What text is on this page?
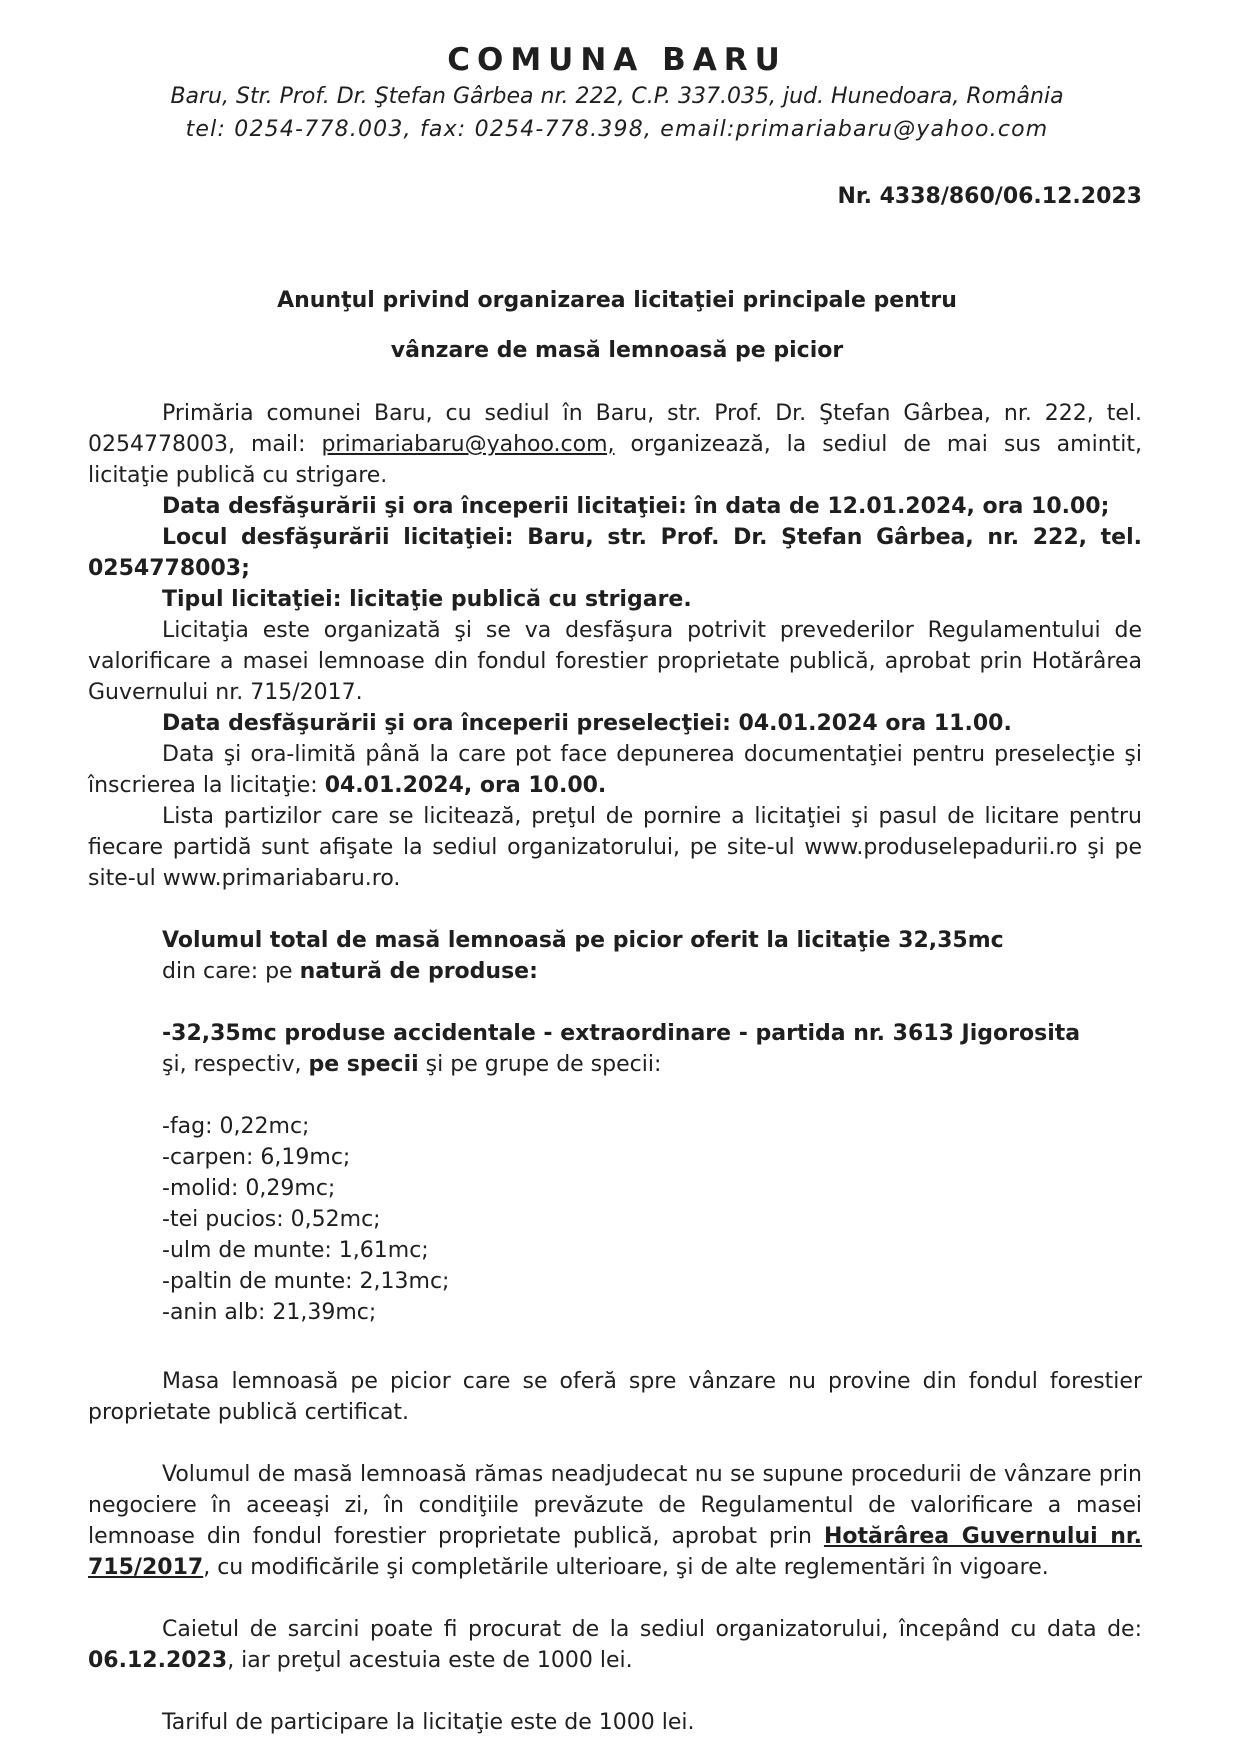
COMUNA BARU
Baru, Str. Prof. Dr. Ştefan Gârbea nr. 222, C.P. 337.035, jud. Hunedoara, România
tel: 0254-778.003, fax: 0254-778.398, email:primariabaru@yahoo.com
Nr. 4338/860/06.12.2023
Anunţul privind organizarea licitaţiei principale pentru
vânzare de masă lemnoasă pe picior

Primăria comunei Baru, cu sediul în Baru, str. Prof. Dr. Ştefan Gârbea, nr. 222, tel. 0254778003, mail: primariabaru@yahoo.com, organizează, la sediul de mai sus amintit, licitaţie publică cu strigare.

Data desfăşurării şi ora începerii licitaţiei: în data de 12.01.2024, ora 10.00;

Locul desfăşurării licitaţiei: Baru, str. Prof. Dr. Ştefan Gârbea, nr. 222, tel. 0254778003;

Tipul licitaţiei: licitaţie publică cu strigare.

Licitaţia este organizată şi se va desfăşura potrivit prevederilor Regulamentului de valorificare a masei lemnoase din fondul forestier proprietate publică, aprobat prin Hotărârea Guvernului nr. 715/2017.

Data desfăşurării şi ora începerii preselecţiei: 04.01.2024 ora 11.00.

Data şi ora-limită până la care pot face depunerea documentaţiei pentru preselecţie şi înscrierea la licitaţie: 04.01.2024, ora 10.00.

Lista partizilor care se licitează, preţul de pornire a licitaţiei şi pasul de licitare pentru fiecare partidă sunt afişate la sediul organizatorului, pe site-ul www.produselepadurii.ro şi pe site-ul www.primariabaru.ro.

Volumul total de masă lemnoasă pe picior oferit la licitaţie 32,35mc

din care: pe natură de produse:

-32,35mc produse accidentale - extraordinare - partida nr. 3613 Jigorosita

şi, respectiv, pe specii şi pe grupe de specii:

-fag: 0,22mc;

-carpen: 6,19mc;

-molid: 0,29mc;

-tei pucios: 0,52mc;

-ulm de munte: 1,61mc;

-paltin de munte: 2,13mc;

-anin alb: 21,39mc;

Masa lemnoasă pe picior care se oferă spre vânzare nu provine din fondul forestier proprietate publică certificat.

Volumul de masă lemnoasă rămas neadjudecat nu se supune procedurii de vânzare prin negociere în aceeaşi zi, în condiţiile prevăzute de Regulamentul de valorificare a masei lemnoase din fondul forestier proprietate publică, aprobat prin Hotărârea Guvernului nr. 715/2017, cu modificările şi completările ulterioare, şi de alte reglementări în vigoare.

Caietul de sarcini poate fi procurat de la sediul organizatorului, începând cu data de: 06.12.2023, iar preţul acestuia este de 1000 lei.

Tariful de participare la licitaţie este de 1000 lei.
